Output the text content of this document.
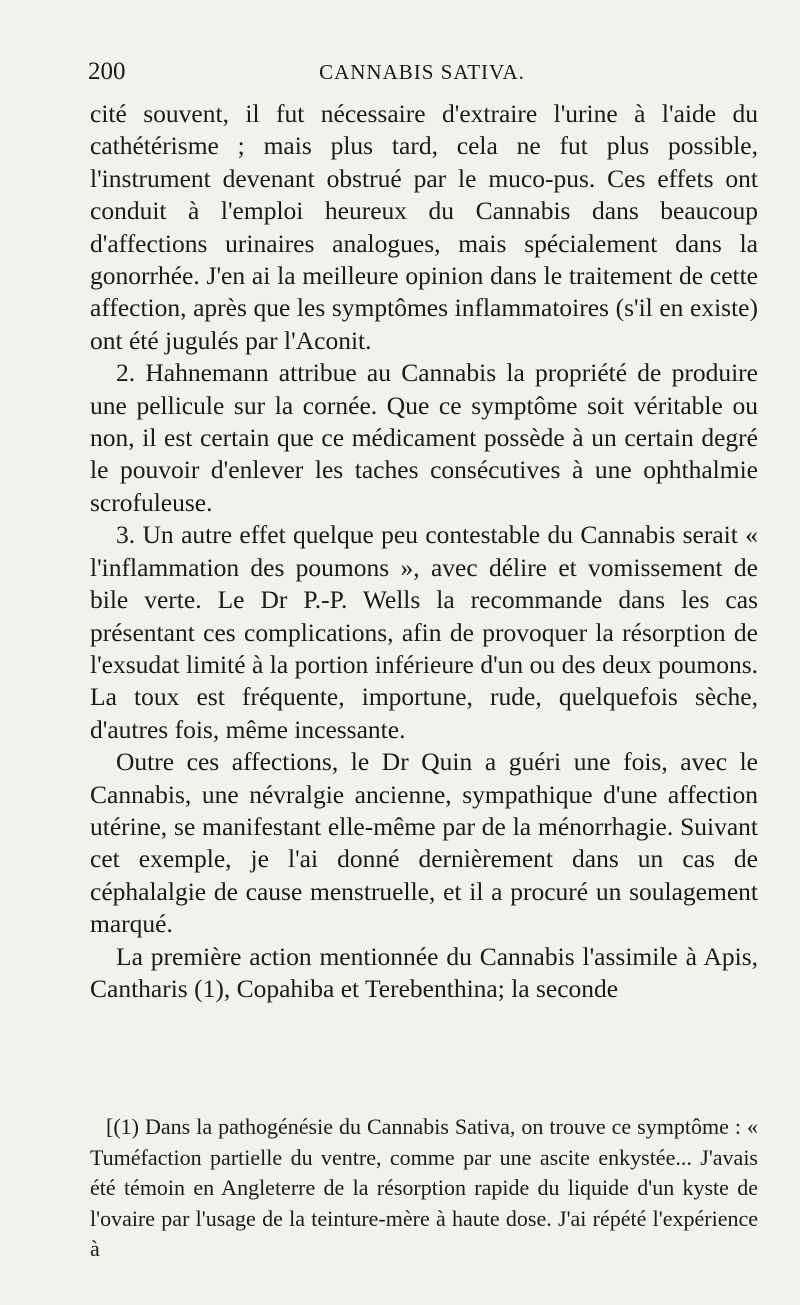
200	CANNABIS SATIVA.

cité souvent, il fut nécessaire d'extraire l'urine à l'aide du cathétérisme ; mais plus tard, cela ne fut plus possible, l'instrument devenant obstrué par le muco-pus. Ces effets ont conduit à l'emploi heureux du Cannabis dans beaucoup d'affections urinaires analogues, mais spécialement dans la gonorrhée. J'en ai la meilleure opinion dans le traitement de cette affection, après que les symptômes inflammatoires (s'il en existe) ont été jugulés par l'Aconit.

2. Hahnemann attribue au Cannabis la propriété de produire une pellicule sur la cornée. Que ce symptôme soit véritable ou non, il est certain que ce médicament possède à un certain degré le pouvoir d'enlever les taches consécutives à une ophthalmie scrofuleuse.

3. Un autre effet quelque peu contestable du Cannabis serait « l'inflammation des poumons », avec délire et vomissement de bile verte. Le Dr P.-P. Wells la recommande dans les cas présentant ces complications, afin de provoquer la résorption de l'exsudat limité à la portion inférieure d'un ou des deux poumons. La toux est fréquente, importune, rude, quelquefois sèche, d'autres fois, même incessante.

Outre ces affections, le Dr Quin a guéri une fois, avec le Cannabis, une névralgie ancienne, sympathique d'une affection utérine, se manifestant elle-même par de la ménorrhagie. Suivant cet exemple, je l'ai donné dernièrement dans un cas de céphalalgie de cause menstruelle, et il a procuré un soulagement marqué.

La première action mentionnée du Cannabis l'assimile à Apis, Cantharis (1), Copahiba et Terebenthina; la seconde

[(1) Dans la pathogénésie du Cannabis Sativa, on trouve ce symptôme : « Tuméfaction partielle du ventre, comme par une ascite enkystée... J'avais été témoin en Angleterre de la résorption rapide du liquide d'un kyste de l'ovaire par l'usage de la teinture-mère à haute dose. J'ai répété l'expérience à
